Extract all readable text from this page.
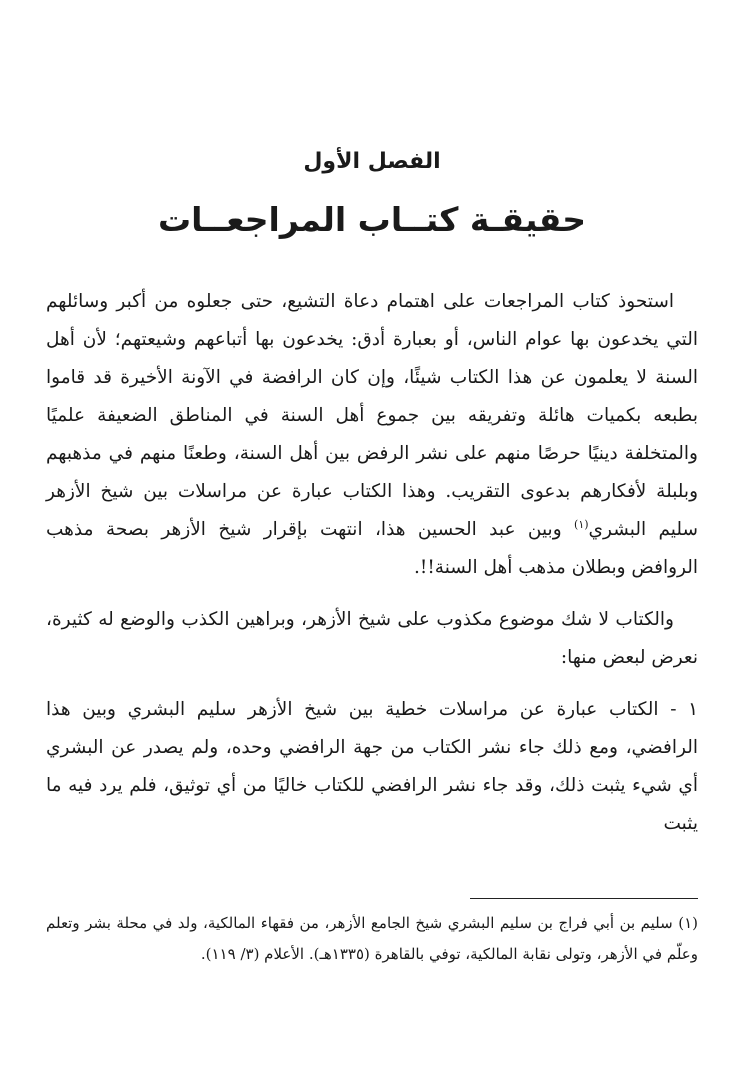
الفصل الأول
حقيقـة كتــاب المراجعــات

استحوذ كتاب المراجعات على اهتمام دعاة التشيع، حتى جعلوه من أكبر وسائلهم التي يخدعون بها عوام الناس، أو بعبارة أدق: يخدعون بها أتباعهم وشيعتهم؛ لأن أهل السنة لا يعلمون عن هذا الكتاب شيئًا، وإن كان الرافضة في الآونة الأخيرة قد قاموا بطبعه بكميات هائلة وتفريقه بين جموع أهل السنة في المناطق الضعيفة علميًا والمتخلفة دينيًا حرصًا منهم على نشر الرفض بين أهل السنة، وطعنًا منهم في مذهبهم وبلبلة لأفكارهم بدعوى التقريب. وهذا الكتاب عبارة عن مراسلات بين شيخ الأزهر سليم البشري$^{(١)}$ وبين عبد الحسين هذا، انتهت بإقرار شيخ الأزهر بصحة مذهب الروافض وبطلان مذهب أهل السنة!!.

والكتاب لا شك موضوع مكذوب على شيخ الأزهر، وبراهين الكذب والوضع له كثيرة، نعرض لبعض منها:

١ - الكتاب عبارة عن مراسلات خطية بين شيخ الأزهر سليم البشري وبين هذا الرافضي، ومع ذلك جاء نشر الكتاب من جهة الرافضي وحده، ولم يصدر عن البشري أي شيء يثبت ذلك، وقد جاء نشر الرافضي للكتاب خاليًا من أي توثيق، فلم يرد فيه ما يثبت

(١) سليم بن أبي فراج بن سليم البشري شيخ الجامع الأزهر، من فقهاء المالكية، ولد في محلة بشر وتعلم وعلّم في الأزهر، وتولى نقابة المالكية، توفي بالقاهرة (١٣٣٥هـ). الأعلام (٣/ ١١٩).
